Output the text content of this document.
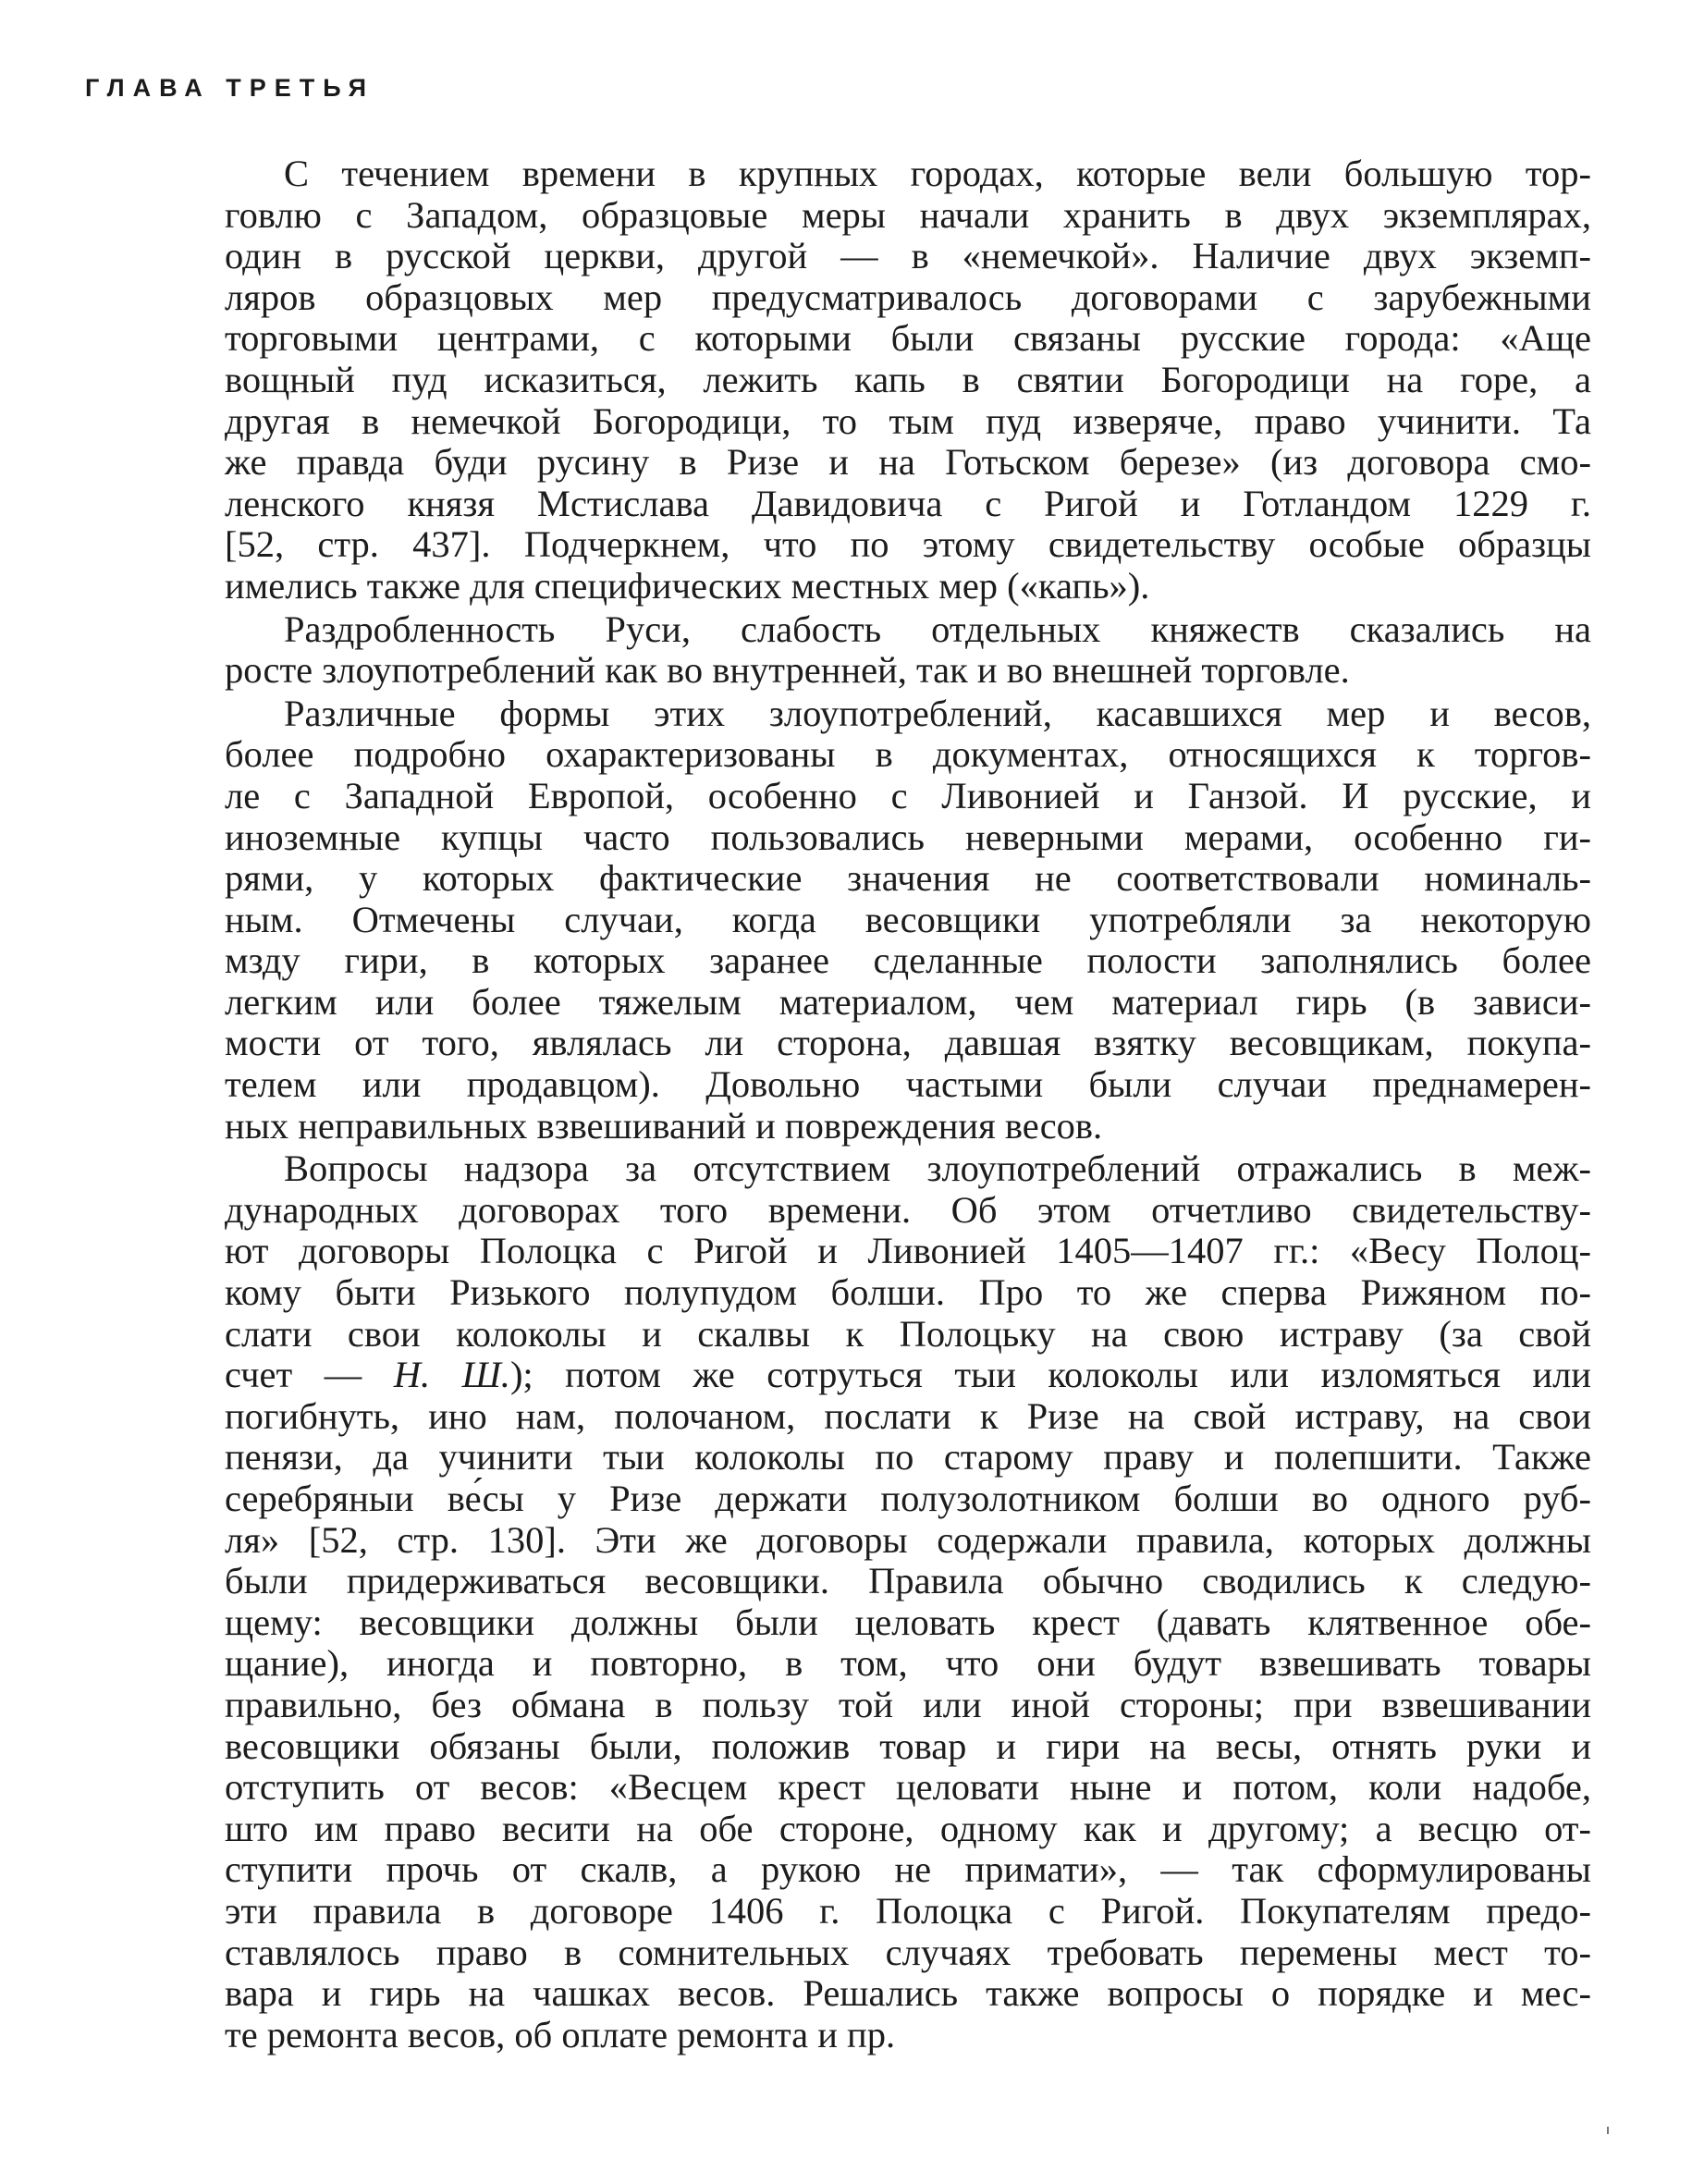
ГЛАВА ТРЕТЬЯ

С течением времени в крупных городах, которые вели большую тор-
говлю с Западом, образцовые меры начали хранить в двух экземплярах,
один в русской церкви, другой — в «немечкой». Наличие двух экземп-
ляров образцовых мер предусматривалось договорами с зарубежными
торговыми центрами, с которыми были связаны русские города: «Аще
вощный пуд исказиться, лежить капь в святии Богородици на горе, а
другая в немечкой Богородици, то тым пуд изверяче, право учинити. Та
же правда буди русину в Ризе и на Готьском березе» (из договора смо-
ленского князя Мстислава Давидовича с Ригой и Готландом 1229 г.
[52, стр. 437]. Подчеркнем, что по этому свидетельству особые образцы
имелись также для специфических местных мер («капь»).

Раздробленность Руси, слабость отдельных княжеств сказались на
росте злоупотреблений как во внутренней, так и во внешней торговле.

Различные формы этих злоупотреблений, касавшихся мер и весов,
более подробно охарактеризованы в документах, относящихся к торгов-
ле с Западной Европой, особенно с Ливонией и Ганзой. И русские, и
иноземные купцы часто пользовались неверными мерами, особенно ги-
рями, у которых фактические значения не соответствовали номиналь-
ным. Отмечены случаи, когда весовщики употребляли за некоторую
мзду гири, в которых заранее сделанные полости заполнялись более
легким или более тяжелым материалом, чем материал гирь (в зависи-
мости от того, являлась ли сторона, давшая взятку весовщикам, покупа-
телем или продавцом). Довольно частыми были случаи преднамерен-
ных неправильных взвешиваний и повреждения весов.

Вопросы надзора за отсутствием злоупотреблений отражались в меж-
дународных договорах того времени. Об этом отчетливо свидетельству-
ют договоры Полоцка с Ригой и Ливонией 1405—1407 гг.: «Весу Полоц-
кому быти Ризького полупудом болши. Про то же сперва Рижяном по-
слати свои колоколы и скалвы к Полоцьку на свою истраву (за свой
счет — Н. Ш.); потом же сотруться тыи колоколы или изломяться или
погибнуть, ино нам, полочаном, послати к Ризе на свой истраву, на свои
пенязи, да учинити тыи колоколы по старому праву и полепшити. Также
серебряныи ве́сы у Ризе держати полузолотником болши во одного руб-
ля» [52, стр. 130]. Эти же договоры содержали правила, которых должны
были придерживаться весовщики. Правила обычно сводились к следую-
щему: весовщики должны были целовать крест (давать клятвенное обе-
щание), иногда и повторно, в том, что они будут взвешивать товары
правильно, без обмана в пользу той или иной стороны; при взвешивании
весовщики обязаны были, положив товар и гири на весы, отнять руки и
отступить от весов: «Весцем крест целовати ныне и потом, коли надобе,
што им право весити на обе стороне, одному как и другому; а весцю от-
ступити прочь от скалв, а рукою не примати», — так сформулированы
эти правила в договоре 1406 г. Полоцка с Ригой. Покупателям предо-
ставлялось право в сомнительных случаях требовать перемены мест то-
вара и гирь на чашках весов. Решались также вопросы о порядке и мес-
те ремонта весов, об оплате ремонта и пр.
